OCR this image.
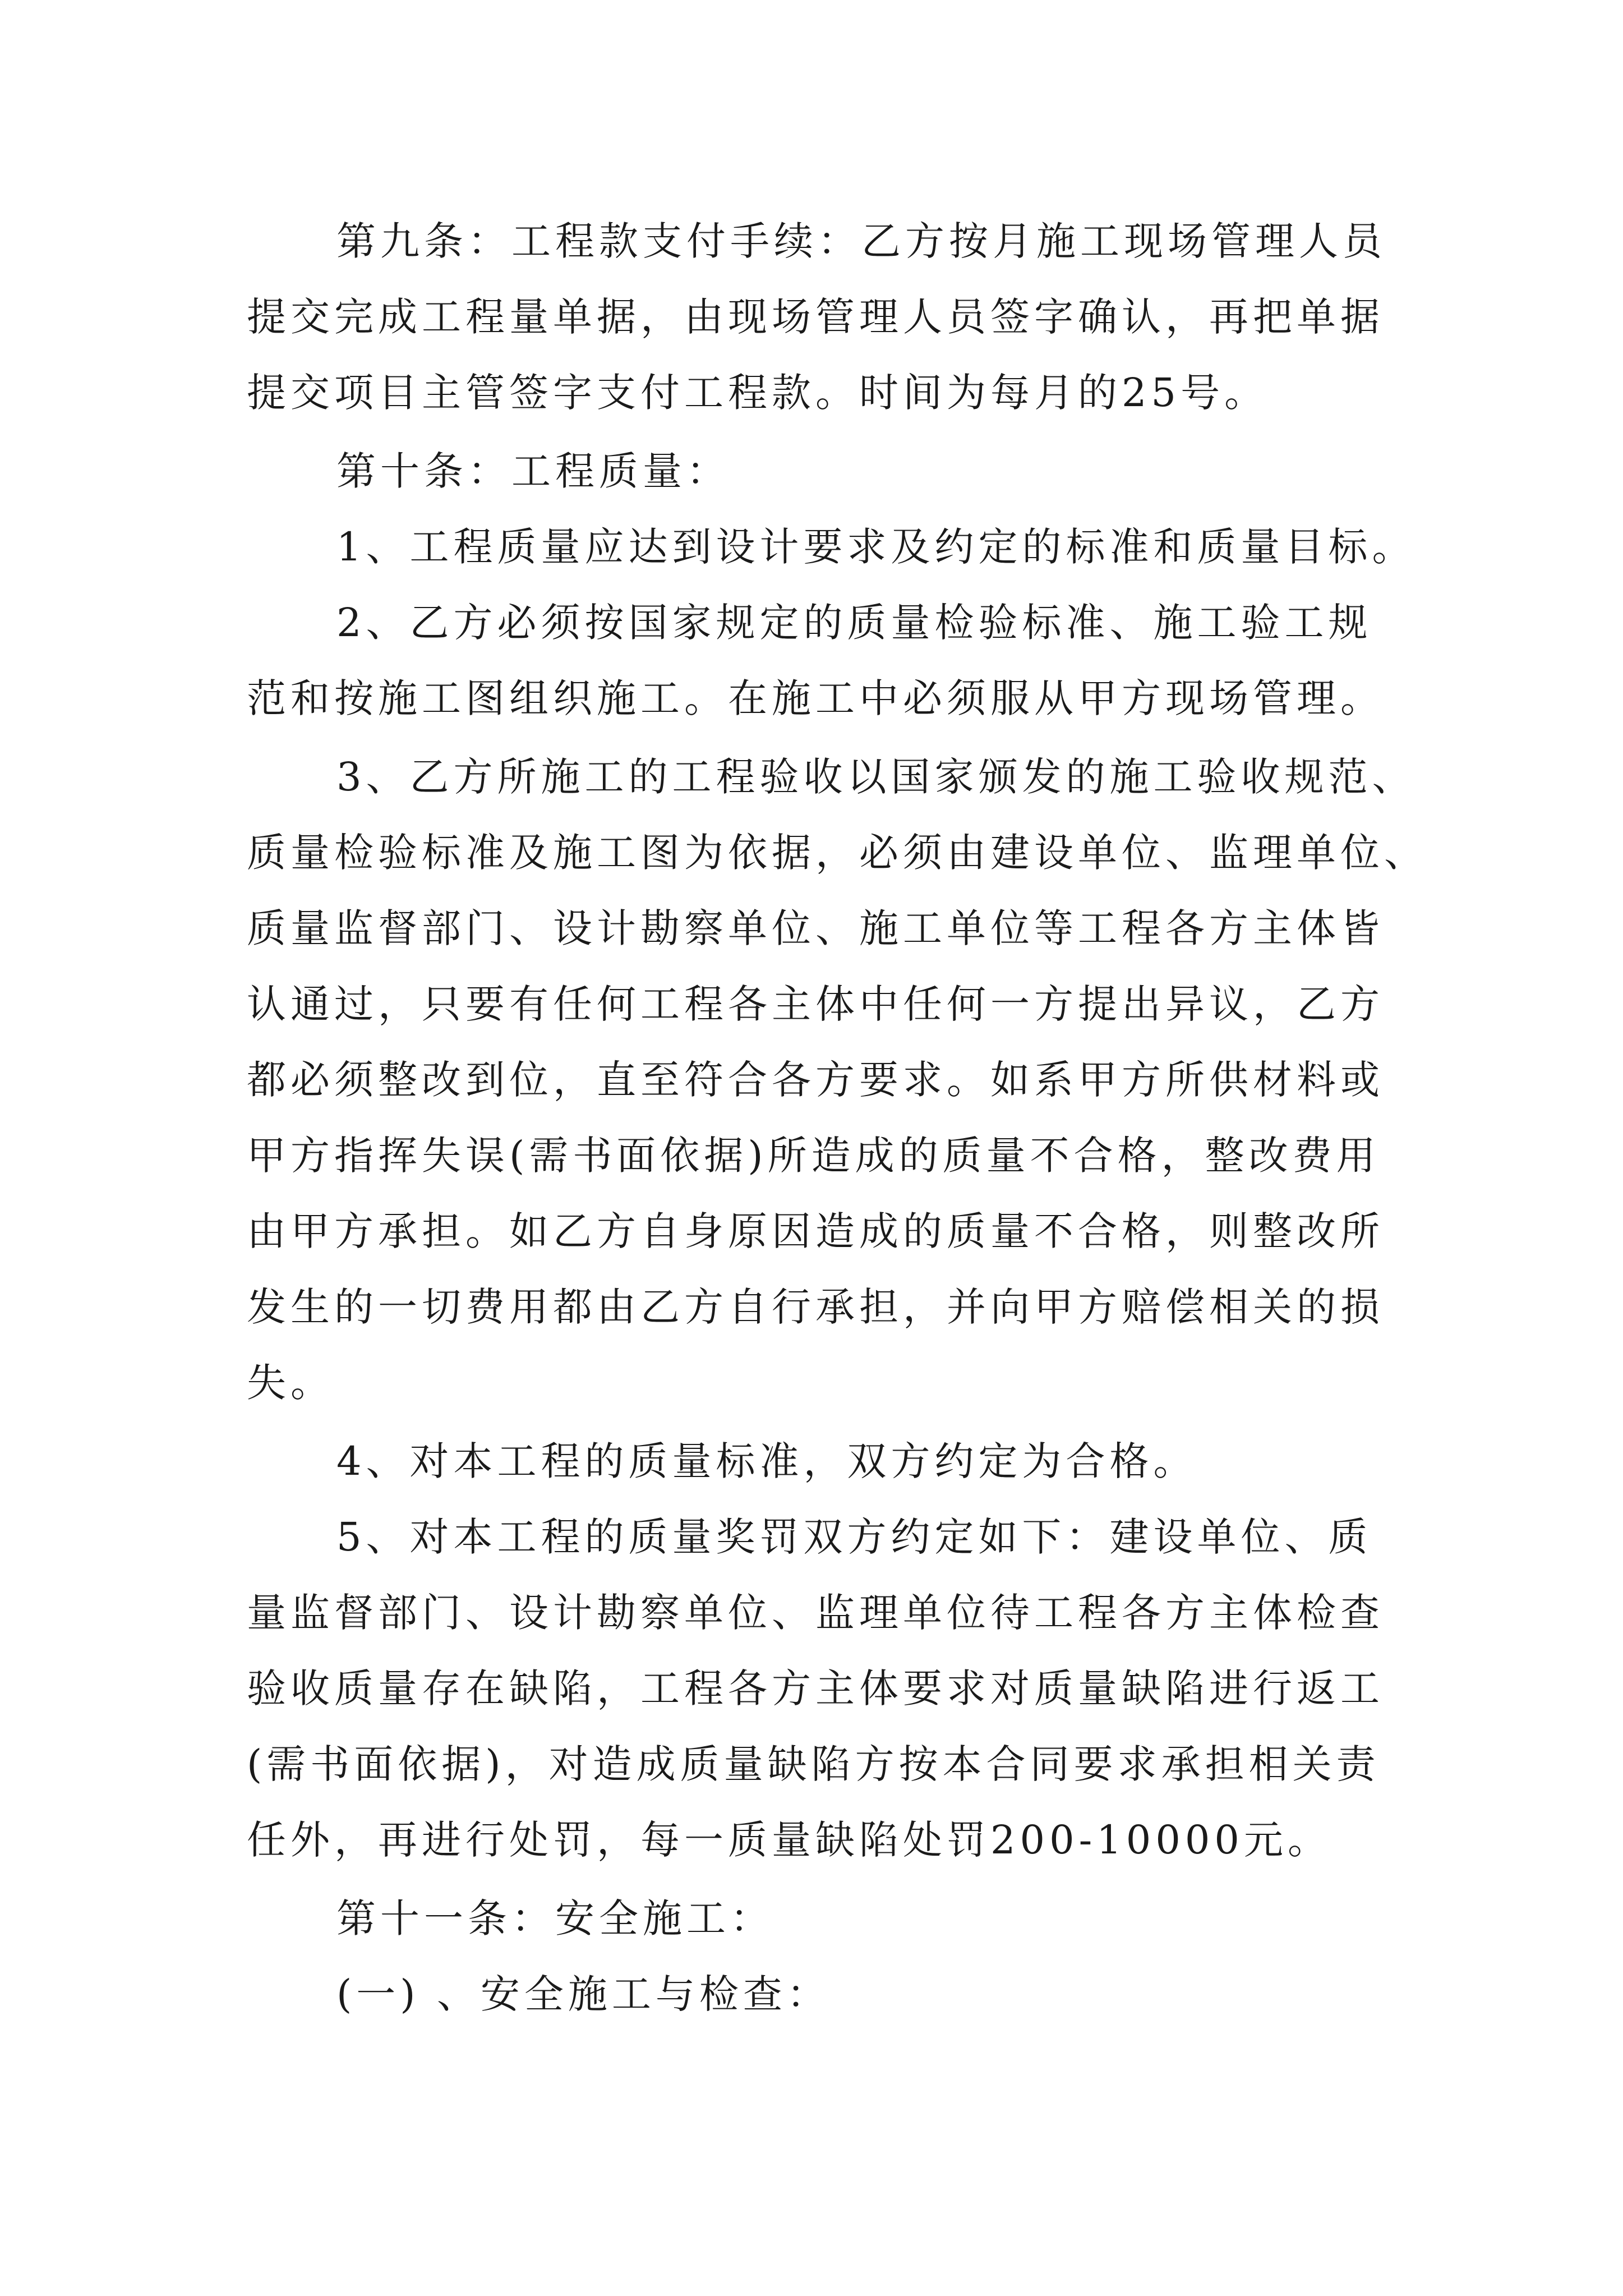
第九条：工程款支付手续：乙方按月施工现场管理人员
提交完成工程量单据，由现场管理人员签字确认，再把单据
提交项目主管签字支付工程款。时间为每月的25号。
第十条：工程质量：
1、工程质量应达到设计要求及约定的标准和质量目标。
2、乙方必须按国家规定的质量检验标准、施工验工规
范和按施工图组织施工。在施工中必须服从甲方现场管理。
3、乙方所施工的工程验收以国家颁发的施工验收规范、
质量检验标准及施工图为依据，必须由建设单位、监理单位、
质量监督部门、设计勘察单位、施工单位等工程各方主体皆
认通过，只要有任何工程各主体中任何一方提出异议，乙方
都必须整改到位，直至符合各方要求。如系甲方所供材料或
甲方指挥失误(需书面依据)所造成的质量不合格，整改费用
由甲方承担。如乙方自身原因造成的质量不合格，则整改所
发生的一切费用都由乙方自行承担，并向甲方赔偿相关的损
失。
4、对本工程的质量标准，双方约定为合格。
5、对本工程的质量奖罚双方约定如下：建设单位、质
量监督部门、设计勘察单位、监理单位待工程各方主体检查
验收质量存在缺陷，工程各方主体要求对质量缺陷进行返工
(需书面依据)，对造成质量缺陷方按本合同要求承担相关责
任外，再进行处罚，每一质量缺陷处罚200-10000元。
第十一条：安全施工：
(一) 、安全施工与检查：
